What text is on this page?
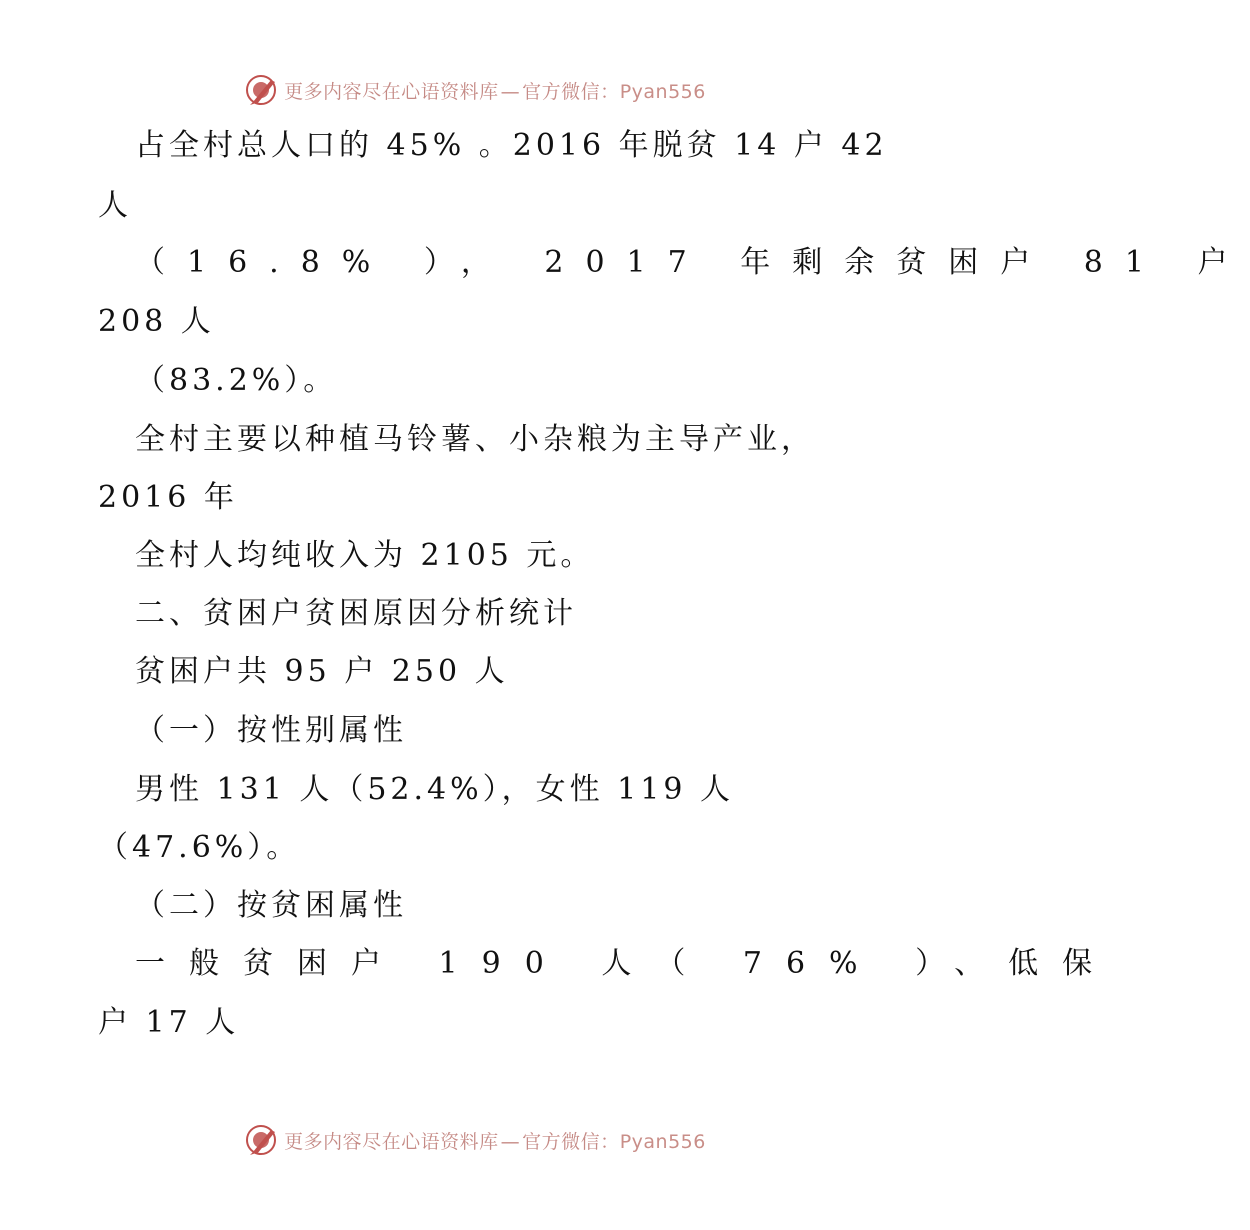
更多内容尽在心语资料库 — 官方微信：Pyan556
占全村总人口的 45% 。2016 年脱贫 14 户 42
人
（16.8% ）， 2017 年剩余贫困户 81 户
208 人
（83.2%）。
全村主要以种植马铃薯、小杂粮为主导产业，
2016 年
全村人均纯收入为 2105 元。
二、贫困户贫困原因分析统计
贫困户共 95 户 250 人
（一）按性别属性
男性 131 人（52.4%），女性 119 人
（47.6%）。
（二）按贫困属性
一般贫困户 190 人（ 76% ）、低保
户 17 人
更多内容尽在心语资料库 — 官方微信：Pyan556
